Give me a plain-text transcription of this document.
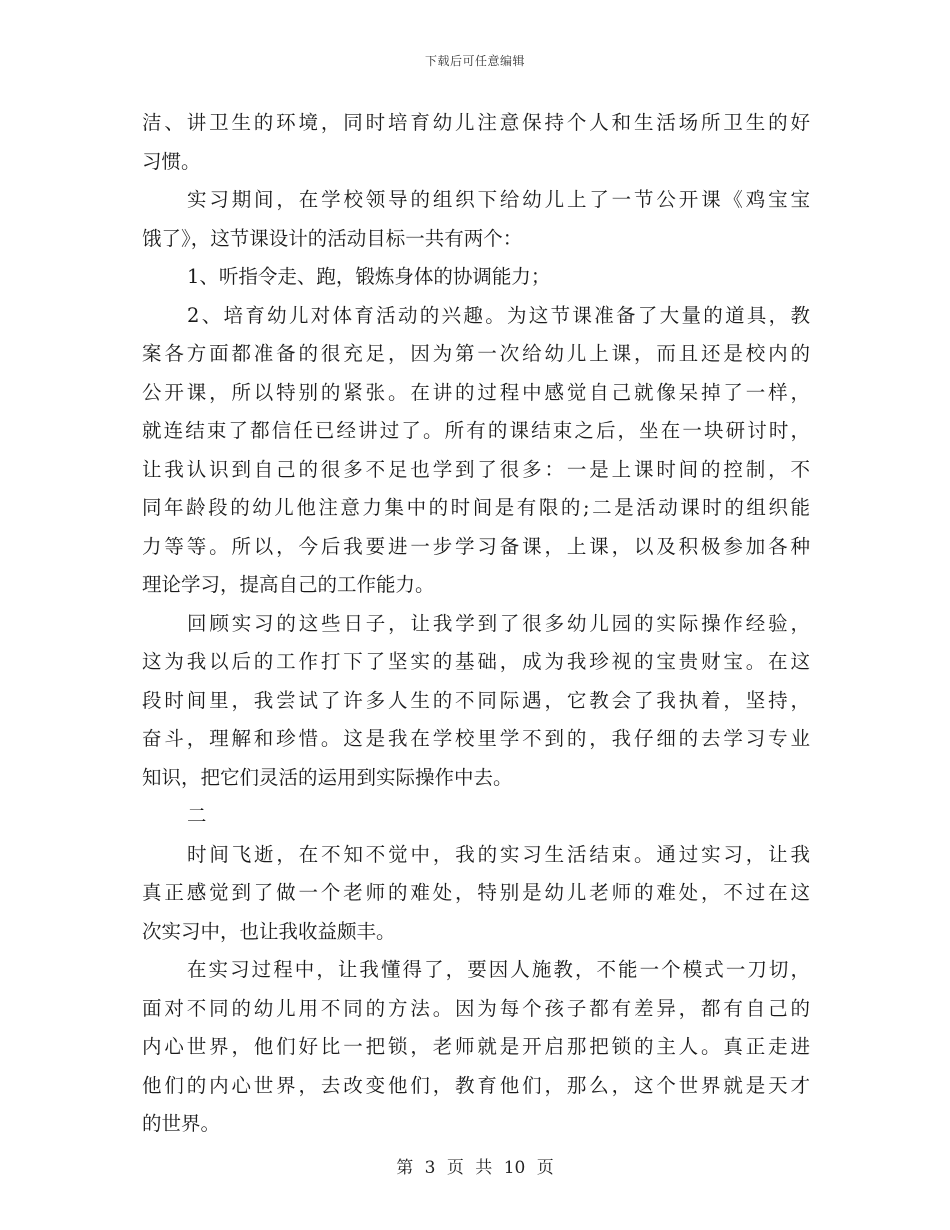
下载后可任意编辑
洁、讲卫生的环境，同时培育幼儿注意保持个人和生活场所卫生的好
习惯。
实习期间，在学校领导的组织下给幼儿上了一节公开课《鸡宝宝
饿了》，这节课设计的活动目标一共有两个：
1、听指令走、跑，锻炼身体的协调能力；
2、培育幼儿对体育活动的兴趣。为这节课准备了大量的道具，教
案各方面都准备的很充足，因为第一次给幼儿上课，而且还是校内的
公开课，所以特别的紧张。在讲的过程中感觉自己就像呆掉了一样，
就连结束了都信任已经讲过了。所有的课结束之后，坐在一块研讨时，
让我认识到自己的很多不足也学到了很多：一是上课时间的控制，不
同年龄段的幼儿他注意力集中的时间是有限的;二是活动课时的组织能
力等等。所以，今后我要进一步学习备课，上课，以及积极参加各种
理论学习，提高自己的工作能力。
回顾实习的这些日子，让我学到了很多幼儿园的实际操作经验，
这为我以后的工作打下了坚实的基础，成为我珍视的宝贵财宝。在这
段时间里，我尝试了许多人生的不同际遇，它教会了我执着，坚持，
奋斗，理解和珍惜。这是我在学校里学不到的，我仔细的去学习专业
知识，把它们灵活的运用到实际操作中去。
二
时间飞逝，在不知不觉中，我的实习生活结束。通过实习，让我
真正感觉到了做一个老师的难处，特别是幼儿老师的难处，不过在这
次实习中，也让我收益颇丰。
在实习过程中，让我懂得了，要因人施教，不能一个模式一刀切，
面对不同的幼儿用不同的方法。因为每个孩子都有差异，都有自己的
内心世界，他们好比一把锁，老师就是开启那把锁的主人。真正走进
他们的内心世界，去改变他们，教育他们，那么，这个世界就是天才
的世界。
第 3 页 共 10 页
